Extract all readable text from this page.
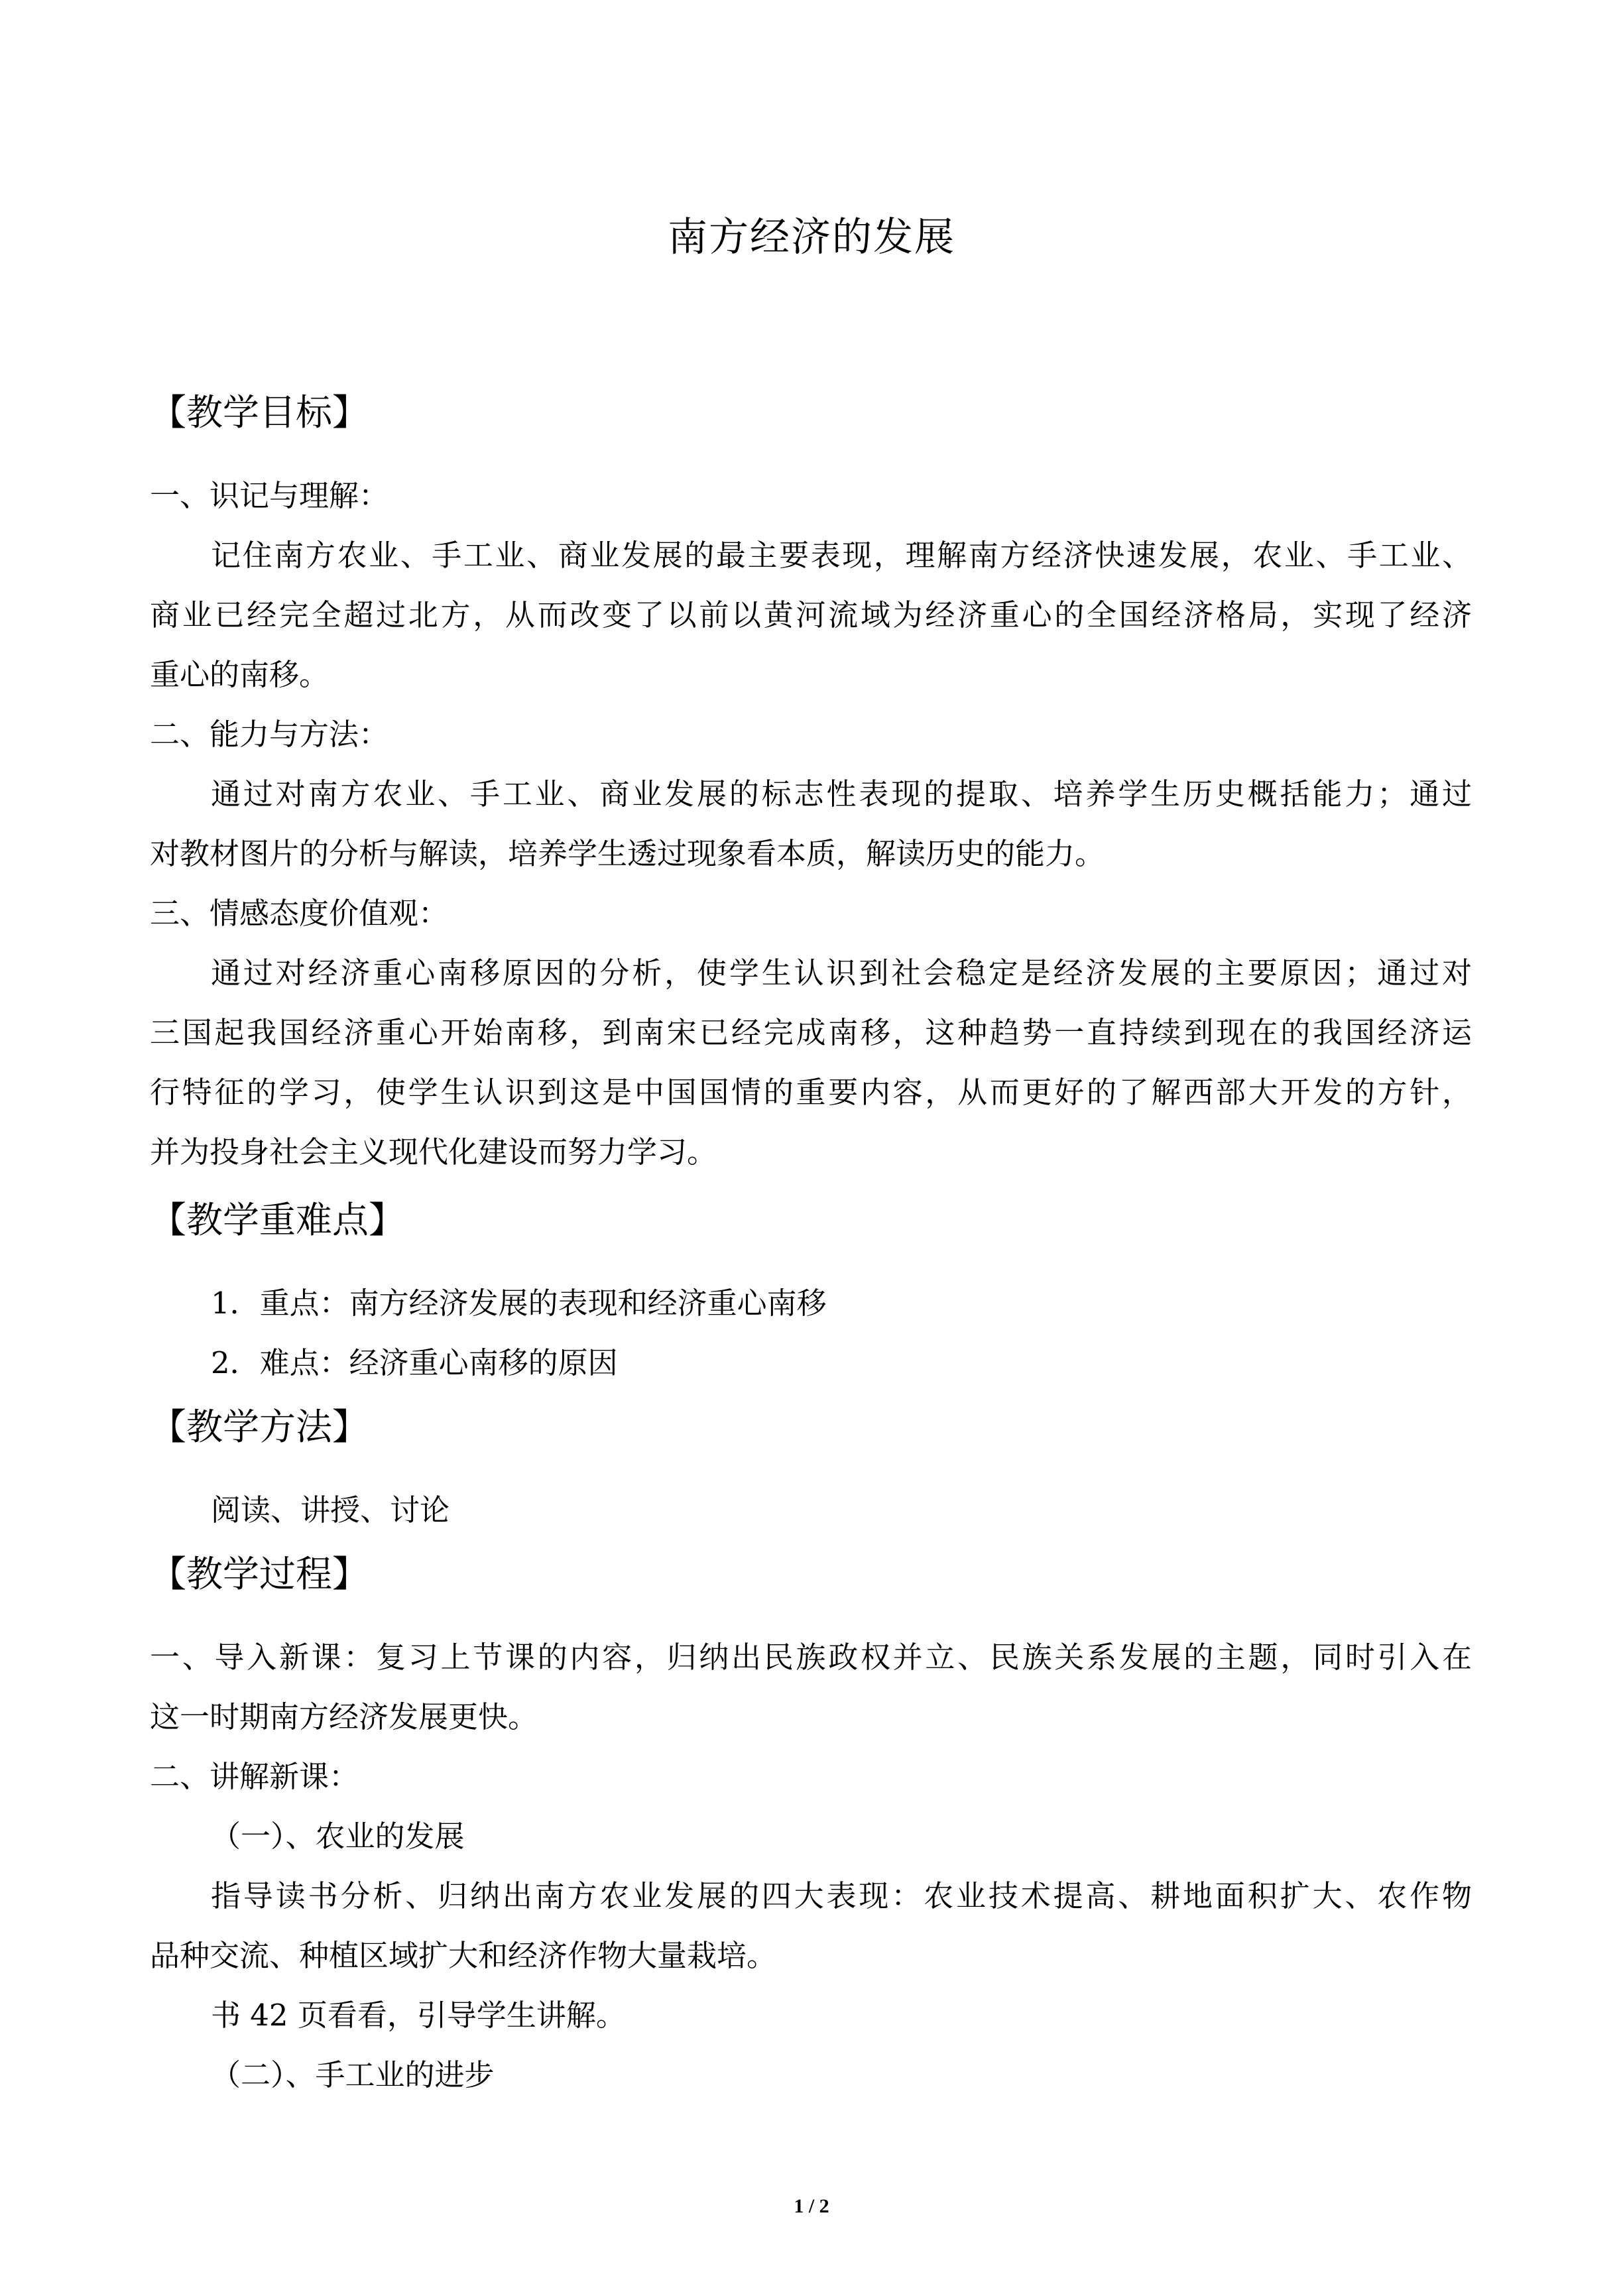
南方经济的发展
【教学目标】
一、识记与理解：
记住南方农业、手工业、商业发展的最主要表现，理解南方经济快速发展，农业、手工业、
商业已经完全超过北方，从而改变了以前以黄河流域为经济重心的全国经济格局，实现了经济
重心的南移。
二、能力与方法：
通过对南方农业、手工业、商业发展的标志性表现的提取、培养学生历史概括能力；通过
对教材图片的分析与解读，培养学生透过现象看本质，解读历史的能力。
三、情感态度价值观：
通过对经济重心南移原因的分析，使学生认识到社会稳定是经济发展的主要原因；通过对
三国起我国经济重心开始南移，到南宋已经完成南移，这种趋势一直持续到现在的我国经济运
行特征的学习，使学生认识到这是中国国情的重要内容，从而更好的了解西部大开发的方针，
并为投身社会主义现代化建设而努力学习。
【教学重难点】
1．重点：南方经济发展的表现和经济重心南移
2．难点：经济重心南移的原因
【教学方法】
阅读、讲授、讨论
【教学过程】
一、导入新课：复习上节课的内容，归纳出民族政权并立、民族关系发展的主题，同时引入在
这一时期南方经济发展更快。
二、讲解新课：
（一）、农业的发展
指导读书分析、归纳出南方农业发展的四大表现：农业技术提高、耕地面积扩大、农作物
品种交流、种植区域扩大和经济作物大量栽培。
书 42 页看看，引导学生讲解。
（二）、手工业的进步
1 / 2
